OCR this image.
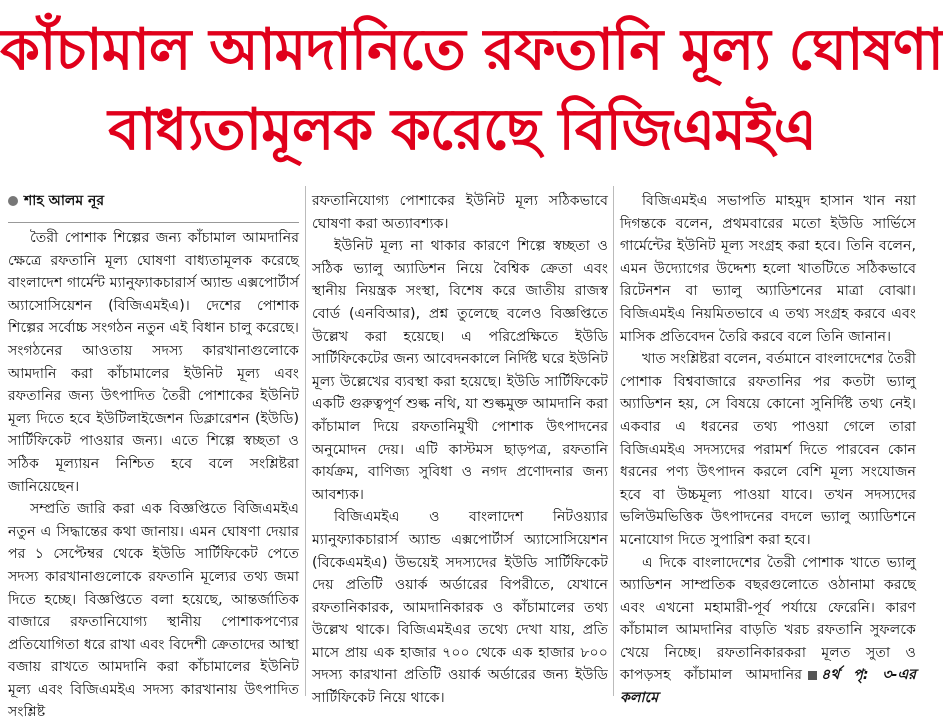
কাঁচামাল আমদানিতে রফতানি মূল্য ঘোষণা
বাধ্যতামূলক করেছে বিজিএমইএ
শাহ আলম নূর

তৈরী পোশাক শিল্পের জন্য কাঁচামাল আমদানির ক্ষেত্রে রফতানি মূল্য ঘোষণা বাধ্যতামূলক করেছে বাংলাদেশ গার্মেন্ট ম্যানুফ্যাকচারার্স অ্যান্ড এক্সপোর্টার্স অ্যাসোসিয়েশন (বিজিএমইএ)। দেশের পোশাক শিল্পের সর্বোচ্চ সংগঠন নতুন এই বিধান চালু করেছে। সংগঠনের আওতায় সদস্য কারখানাগুলোকে আমদানি করা কাঁচামালের ইউনিট মূল্য এবং রফতানির জন্য উৎপাদিত তৈরী পোশাকের ইউনিট মূল্য দিতে হবে ইউটিলাইজেশন ডিক্লারেশন (ইউডি) সার্টিফিকেট পাওয়ার জন্য। এতে শিল্পে স্বচ্ছতা ও সঠিক মূল্যায়ন নিশ্চিত হবে বলে সংশ্লিষ্টরা জানিয়েছেন।

সম্প্রতি জারি করা এক বিজ্ঞপ্তিতে বিজিএমইএ নতুন এ সিদ্ধান্তের কথা জানায়। এমন ঘোষণা দেয়ার পর ১ সেপ্টেম্বর থেকে ইউডি সার্টিফিকেট পেতে সদস্য কারখানাগুলোকে রফতানি মূল্যের তথ্য জমা দিতে হচ্ছে। বিজ্ঞপ্তিতে বলা হয়েছে, আন্তর্জাতিক বাজারে রফতানিযোগ্য স্থানীয় পোশাকপণ্যের প্রতিযোগিতা ধরে রাখা এবং বিদেশী ক্রেতাদের আস্থা বজায় রাখতে আমদানি করা কাঁচামালের ইউনিট মূল্য এবং বিজিএমইএ সদস্য কারখানায় উৎপাদিত সংশ্লিষ্ট

রফতানিযোগ্য পোশাকের ইউনিট মূল্য সঠিকভাবে ঘোষণা করা অত্যাবশ্যক।

ইউনিট মূল্য না থাকার কারণে শিল্পে স্বচ্ছতা ও সঠিক ভ্যালু অ্যাডিশন নিয়ে বৈশ্বিক ক্রেতা এবং স্থানীয় নিয়ন্ত্রক সংস্থা, বিশেষ করে জাতীয় রাজস্ব বোর্ড (এনবিআর), প্রশ্ন তুলেছে বলেও বিজ্ঞপ্তিতে উল্লেখ করা হয়েছে। এ পরিপ্রেক্ষিতে ইউডি সার্টিফিকেটের জন্য আবেদনকালে নির্দিষ্ট ঘরে ইউনিট মূল্য উল্লেখের ব্যবস্থা করা হয়েছে। ইউডি সার্টিফিকেট একটি গুরুত্বপূর্ণ শুল্ক নথি, যা শুল্কমুক্ত আমদানি করা কাঁচামাল দিয়ে রফতানিমুখী পোশাক উৎপাদনের অনুমোদন দেয়। এটি কাস্টমস ছাড়পত্র, রফতানি কার্যক্রম, বাণিজ্য সুবিধা ও নগদ প্রণোদনার জন্য আবশ্যক।

বিজিএমইএ ও বাংলাদেশ নিটওয়্যার ম্যানুফ্যাকচারার্স অ্যান্ড এক্সপোর্টার্স অ্যাসোসিয়েশন (বিকেএমইএ) উভয়েই সদস্যদের ইউডি সার্টিফিকেট দেয় প্রতিটি ওয়ার্ক অর্ডারের বিপরীতে, যেখানে রফতানিকারক, আমদানিকারক ও কাঁচামালের তথ্য উল্লেখ থাকে। বিজিএমইএর তথ্যে দেখা যায়, প্রতি মাসে প্রায় এক হাজার ৭০০ থেকে এক হাজার ৮০০ সদস্য কারখানা প্রতিটি ওয়ার্ক অর্ডারের জন্য ইউডি সার্টিফিকেট নিয়ে থাকে।

বিজিএমইএ সভাপতি মাহমুদ হাসান খান নয়া দিগন্তকে বলেন, প্রথমবারের মতো ইউডি সার্ভিসে গার্মেন্টের ইউনিট মূল্য সংগ্রহ করা হবে। তিনি বলেন, এমন উদ্যোগের উদ্দেশ্য হলো খাতটিতে সঠিকভাবে রিটেনশন বা ভ্যালু অ্যাডিশনের মাত্রা বোঝা। বিজিএমইএ নিয়মিতভাবে এ তথ্য সংগ্রহ করবে এবং মাসিক প্রতিবেদন তৈরি করবে বলে তিনি জানান।

খাত সংশ্লিষ্টরা বলেন, বর্তমানে বাংলাদেশের তৈরী পোশাক বিশ্ববাজারে রফতানির পর কতটা ভ্যালু অ্যাডিশন হয়, সে বিষয়ে কোনো সুনির্দিষ্ট তথ্য নেই। একবার এ ধরনের তথ্য পাওয়া গেলে তারা বিজিএমইএ সদস্যদের পরামর্শ দিতে পারবেন কোন ধরনের পণ্য উৎপাদন করলে বেশি মূল্য সংযোজন হবে বা উচ্চমূল্য পাওয়া যাবে। তখন সদস্যদের ভলিউমভিত্তিক উৎপাদনের বদলে ভ্যালু অ্যাডিশনে মনোযোগ দিতে সুপারিশ করা হবে।

এ দিকে বাংলাদেশের তৈরী পোশাক খাতে ভ্যালু অ্যাডিশন সাম্প্রতিক বছরগুলোতে ওঠানামা করছে এবং এখনো মহামারী-পূর্ব পর্যায়ে ফেরেনি। কারণ কাঁচামাল আমদানির বাড়তি খরচ রফতানি সুফলকে খেয়ে নিচ্ছে। রফতানিকারকরা মূলত সুতা ও কাপড়সহ কাঁচামাল আমদানির ৪র্থ পৃ: ৩-এর কলামে
